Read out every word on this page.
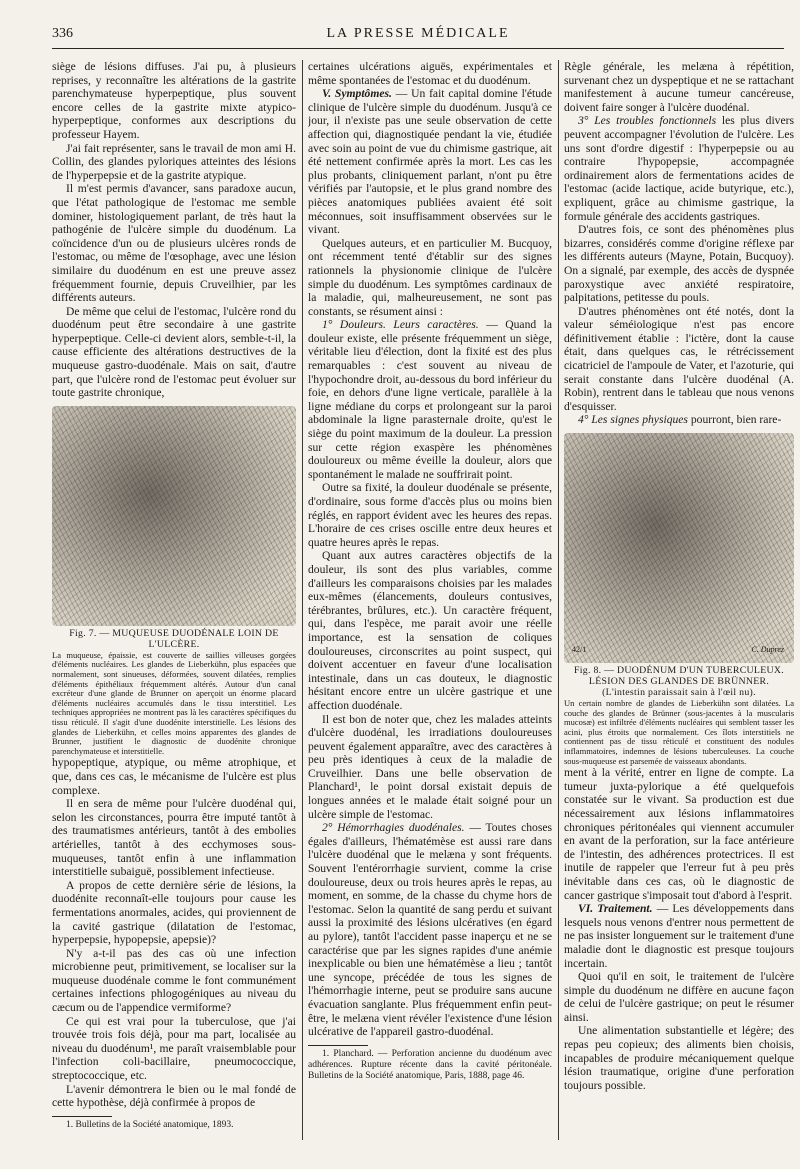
336	LA PRESSE MÉDICALE

siège de lésions diffuses. J'ai pu, à plusieurs reprises, y reconnaître les altérations de la gastrite parenchymateuse hyperpeptique, plus souvent encore celles de la gastrite mixte atypico-hyperpeptique, conformes aux descriptions du professeur Hayem.

J'ai fait représenter, sans le travail de mon ami H. Collin, des glandes pyloriques atteintes des lésions de l'hyperpepsie et de la gastrite atypique.

Il m'est permis d'avancer, sans paradoxe aucun, que l'état pathologique de l'estomac me semble dominer, histologiquement parlant, de très haut la pathogénie de l'ulcère simple du duodénum. La coïncidence d'un ou de plusieurs ulcères ronds de l'estomac, ou même de l'œsophage, avec une lésion similaire du duodénum en est une preuve assez fréquemment fournie, depuis Cruveilhier, par les différents auteurs.

De même que celui de l'estomac, l'ulcère rond du duodénum peut être secondaire à une gastrite hyperpeptique. Celle-ci devient alors, semble-t-il, la cause efficiente des altérations destructives de la muqueuse gastro-duodénale. Mais on sait, d'autre part, que l'ulcère rond de l'estomac peut évoluer sur toute gastrite chronique,

Fig. 7. — MUQUEUSE DUODÉNALE LOIN DE L'ULCÈRE.
La muqueuse, épaissie, est couverte de saillies villeuses gorgées d'éléments nucléaires. Les glandes de Lieberkühn, plus espacées que normalement, sont sinueuses, déformées, souvent dilatées, remplies d'éléments épithéliaux fréquemment altérés. Autour d'un canal excréteur d'une glande de Brunner on aperçoit un énorme placard d'éléments nucléaires accumulés dans le tissu interstitiel. Les techniques appropriées ne montrent pas là les caractères spécifiques du tissu réticulé. Il s'agit d'une duodénite interstitielle. Les lésions des glandes de Lieberkühn, et celles moins apparentes des glandes de Brunner, justifient le diagnostic de duodénite chronique parenchymateuse et interstitielle.

hypopeptique, atypique, ou même atrophique, et que, dans ces cas, le mécanisme de l'ulcère est plus complexe.

Il en sera de même pour l'ulcère duodénal qui, selon les circonstances, pourra être imputé tantôt à des traumatismes antérieurs, tantôt à des embolies artérielles, tantôt à des ecchymoses sous-muqueuses, tantôt enfin à une inflammation interstitielle subaiguë, possiblement infectieuse.

A propos de cette dernière série de lésions, la duodénite reconnaît-elle toujours pour cause les fermentations anormales, acides, qui proviennent de la cavité gastrique (dilatation de l'estomac, hyperpepsie, hypopepsie, apepsie)?

N'y a-t-il pas des cas où une infection microbienne peut, primitivement, se localiser sur la muqueuse duodénale comme le font communément certaines infections phlogogéniques au niveau du cæcum ou de l'appendice vermiforme?

Ce qui est vrai pour la tuberculose, que j'ai trouvée trois fois déjà, pour ma part, localisée au niveau du duodénum¹, me paraît vraisemblable pour l'infection coli-bacillaire, pneumococcique, streptococcique, etc.

L'avenir démontrera le bien ou le mal fondé de cette hypothèse, déjà confirmée à propos de

1. Bulletins de la Société anatomique, 1893.

certaines ulcérations aiguës, expérimentales et même spontanées de l'estomac et du duodénum.

V. Symptômes. — Un fait capital domine l'étude clinique de l'ulcère simple du duodénum. Jusqu'à ce jour, il n'existe pas une seule observation de cette affection qui, diagnostiquée pendant la vie, étudiée avec soin au point de vue du chimisme gastrique, ait été nettement confirmée après la mort. Les cas les plus probants, cliniquement parlant, n'ont pu être vérifiés par l'autopsie, et le plus grand nombre des pièces anatomiques publiées avaient été soit méconnues, soit insuffisamment observées sur le vivant.

Quelques auteurs, et en particulier M. Bucquoy, ont récemment tenté d'établir sur des signes rationnels la physionomie clinique de l'ulcère simple du duodénum. Les symptômes cardinaux de la maladie, qui, malheureusement, ne sont pas constants, se résument ainsi :

1° Douleurs. Leurs caractères. — Quand la douleur existe, elle présente fréquemment un siège, véritable lieu d'élection, dont la fixité est des plus remarquables : c'est souvent au niveau de l'hypochondre droit, au-dessous du bord inférieur du foie, en dehors d'une ligne verticale, parallèle à la ligne médiane du corps et prolongeant sur la paroi abdominale la ligne parasternale droite, qu'est le siège du point maximum de la douleur. La pression sur cette région exaspère les phénomènes douloureux ou même éveille la douleur, alors que spontanément le malade ne souffrirait point.

Outre sa fixité, la douleur duodénale se présente, d'ordinaire, sous forme d'accès plus ou moins bien réglés, en rapport évident avec les heures des repas. L'horaire de ces crises oscille entre deux heures et quatre heures après le repas.

Quant aux autres caractères objectifs de la douleur, ils sont des plus variables, comme d'ailleurs les comparaisons choisies par les malades eux-mêmes (élancements, douleurs contusives, térébrantes, brûlures, etc.). Un caractère fréquent, qui, dans l'espèce, me parait avoir une réelle importance, est la sensation de coliques douloureuses, circonscrites au point suspect, qui doivent accentuer en faveur d'une localisation intestinale, dans un cas douteux, le diagnostic hésitant encore entre un ulcère gastrique et une affection duodénale.

Il est bon de noter que, chez les malades atteints d'ulcère duodénal, les irradiations douloureuses peuvent également apparaître, avec des caractères à peu près identiques à ceux de la maladie de Cruveilhier. Dans une belle observation de Planchard¹, le point dorsal existait depuis de longues années et le malade était soigné pour un ulcère simple de l'estomac.

2° Hémorrhagies duodénales. — Toutes choses égales d'ailleurs, l'hématémèse est aussi rare dans l'ulcère duodénal que le melæna y sont fréquents. Souvent l'entérorrhagie survient, comme la crise douloureuse, deux ou trois heures après le repas, au moment, en somme, de la chasse du chyme hors de l'estomac. Selon la quantité de sang perdu et suivant aussi la proximité des lésions ulcératives (en égard au pylore), tantôt l'accident passe inaperçu et ne se caractérise que par les signes rapides d'une anémie inexplicable ou bien une hématémèse a lieu ; tantôt une syncope, précédée de tous les signes de l'hémorrhagie interne, peut se produire sans aucune évacuation sanglante. Plus fréquemment enfin peut-être, le melæna vient révéler l'existence d'une lésion ulcérative de l'appareil gastro-duodénal.

1. Planchard. — Perforation ancienne du duodénum avec adhérences. Rupture récente dans la cavité péritonéale. Bulletins de la Société anatomique, Paris, 1888, page 46.

Règle générale, les melæna à répétition, survenant chez un dyspeptique et ne se rattachant manifestement à aucune tumeur cancéreuse, doivent faire songer à l'ulcère duodénal.

3° Les troubles fonctionnels les plus divers peuvent accompagner l'évolution de l'ulcère. Les uns sont d'ordre digestif : l'hyperpepsie ou au contraire l'hypopepsie, accompagnée ordinairement alors de fermentations acides de l'estomac (acide lactique, acide butyrique, etc.), expliquent, grâce au chimisme gastrique, la formule générale des accidents gastriques.

D'autres fois, ce sont des phénomènes plus bizarres, considérés comme d'origine réflexe par les différents auteurs (Mayne, Potain, Bucquoy). On a signalé, par exemple, des accès de dyspnée paroxystique avec anxiété respiratoire, palpitations, petitesse du pouls.

D'autres phénomènes ont été notés, dont la valeur séméiologique n'est pas encore définitivement établie : l'ictère, dont la cause était, dans quelques cas, le rétrécissement cicatriciel de l'ampoule de Vater, et l'azoturie, qui serait constante dans l'ulcère duodénal (A. Robin), rentrent dans le tableau que nous venons d'esquisser.

4° Les signes physiques pourront, bien rare-

42/1	C. Duprez
Fig. 8. — DUODÉNUM D'UN TUBERCULEUX. LÉSION DES GLANDES DE BRÜNNER.
(L'intestin paraissait sain à l'œil nu).
Un certain nombre de glandes de Lieberkühn sont dilatées. La couche des glandes de Brünner (sous-jacentes à la muscularis mucosæ) est infiltrée d'éléments nucléaires qui semblent tasser les acini, plus étroits que normalement. Ces îlots interstitiels ne contiennent pas de tissu réticulé et constituent des nodules inflammatoires, indemnes de lésions tuberculeuses. La couche sous-muqueuse est parsemée de vaisseaux abondants.

ment à la vérité, entrer en ligne de compte. La tumeur juxta-pylorique a été quelquefois constatée sur le vivant. Sa production est due nécessairement aux lésions inflammatoires chroniques péritonéales qui viennent accumuler en avant de la perforation, sur la face antérieure de l'intestin, des adhérences protectrices. Il est inutile de rappeler que l'erreur fut à peu près inévitable dans ces cas, où le diagnostic de cancer gastrique s'imposait tout d'abord à l'esprit.

VI. Traitement. — Les développements dans lesquels nous venons d'entrer nous permettent de ne pas insister longuement sur le traitement d'une maladie dont le diagnostic est presque toujours incertain.

Quoi qu'il en soit, le traitement de l'ulcère simple du duodénum ne diffère en aucune façon de celui de l'ulcère gastrique; on peut le résumer ainsi.

Une alimentation substantielle et légère; des repas peu copieux; des aliments bien choisis, incapables de produire mécaniquement quelque lésion traumatique, origine d'une perforation toujours possible.
